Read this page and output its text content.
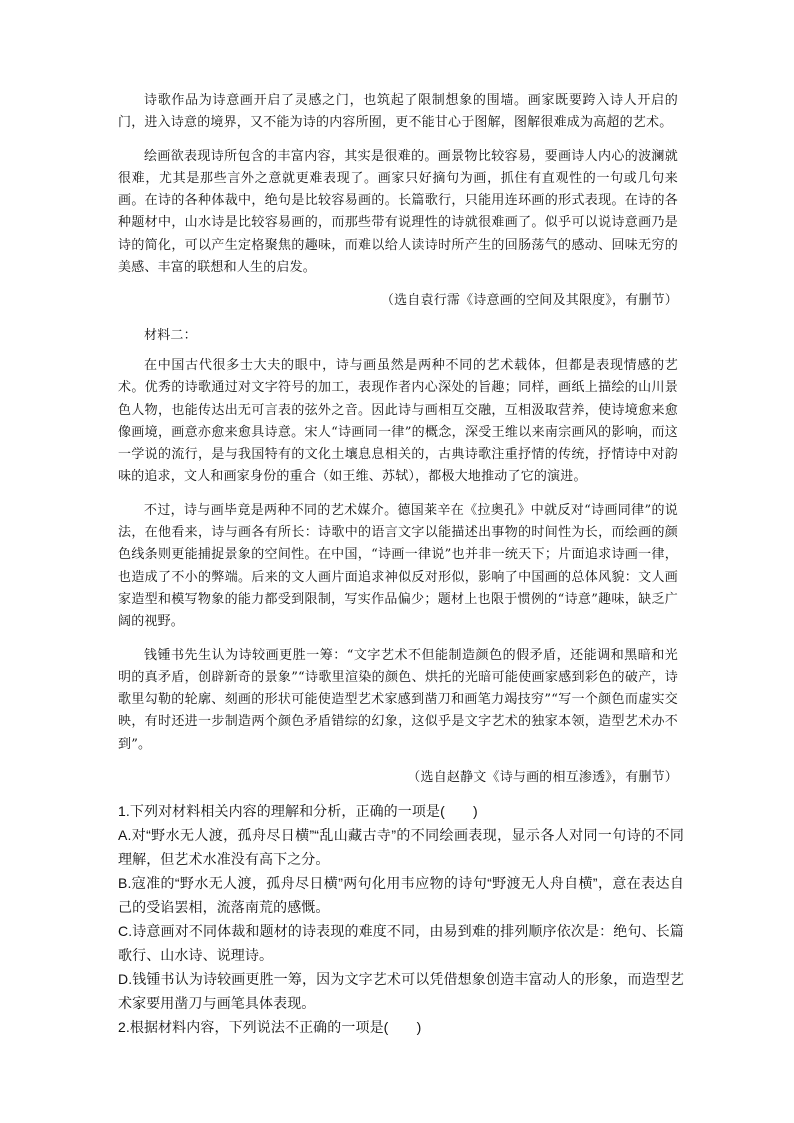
诗歌作品为诗意画开启了灵感之门，也筑起了限制想象的围墙。画家既要跨入诗人开启的门，进入诗意的境界，又不能为诗的内容所囿，更不能甘心于图解，图解很难成为高超的艺术。

绘画欲表现诗所包含的丰富内容，其实是很难的。画景物比较容易，要画诗人内心的波澜就很难，尤其是那些言外之意就更难表现了。画家只好摘句为画，抓住有直观性的一句或几句来画。在诗的各种体裁中，绝句是比较容易画的。长篇歌行，只能用连环画的形式表现。在诗的各种题材中，山水诗是比较容易画的，而那些带有说理性的诗就很难画了。似乎可以说诗意画乃是诗的简化，可以产生定格聚焦的趣味，而难以给人读诗时所产生的回肠荡气的感动、回味无穷的美感、丰富的联想和人生的启发。

（选自袁行霈《诗意画的空间及其限度》，有删节）

材料二：

在中国古代很多士大夫的眼中，诗与画虽然是两种不同的艺术载体，但都是表现情感的艺术。优秀的诗歌通过对文字符号的加工，表现作者内心深处的旨趣；同样，画纸上描绘的山川景色人物，也能传达出无可言表的弦外之音。因此诗与画相互交融，互相汲取营养，使诗境愈来愈像画境，画意亦愈来愈具诗意。宋人“诗画同一律”的概念，深受王维以来南宗画风的影响，而这一学说的流行，是与我国特有的文化土壤息息相关的，古典诗歌注重抒情的传统，抒情诗中对韵味的追求，文人和画家身份的重合（如王维、苏轼），都极大地推动了它的演进。

不过，诗与画毕竟是两种不同的艺术媒介。德国莱辛在《拉奥孔》中就反对“诗画同律”的说法，在他看来，诗与画各有所长：诗歌中的语言文字以能描述出事物的时间性为长，而绘画的颜色线条则更能捕捉景象的空间性。在中国，“诗画一律说”也并非一统天下；片面追求诗画一律，也造成了不小的弊端。后来的文人画片面追求神似反对形似，影响了中国画的总体风貌：文人画家造型和模写物象的能力都受到限制，写实作品偏少；题材上也限于惯例的“诗意”趣味，缺乏广阔的视野。

钱锺书先生认为诗较画更胜一筹：“文字艺术不但能制造颜色的假矛盾，还能调和黑暗和光明的真矛盾，创辟新奇的景象”“诗歌里渲染的颜色、烘托的光暗可能使画家感到彩色的破产，诗歌里勾勒的轮廓、刻画的形状可能使造型艺术家感到凿刀和画笔力竭技穷”“写一个颜色而虚实交映，有时还进一步制造两个颜色矛盾错综的幻象，这似乎是文字艺术的独家本领，造型艺术办不到”。

（选自赵静文《诗与画的相互渗透》，有删节）

1.下列对材料相关内容的理解和分析，正确的一项是(　　)

A.对“野水无人渡，孤舟尽日横”“乱山藏古寺”的不同绘画表现，显示各人对同一句诗的不同理解，但艺术水准没有高下之分。

B.寇准的“野水无人渡，孤舟尽日横”两句化用韦应物的诗句“野渡无人舟自横”，意在表达自己的受谄罢相，流落南荒的感慨。

C.诗意画对不同体裁和题材的诗表现的难度不同，由易到难的排列顺序依次是：绝句、长篇歌行、山水诗、说理诗。

D.钱锺书认为诗较画更胜一筹，因为文字艺术可以凭借想象创造丰富动人的形象，而造型艺术家要用凿刀与画笔具体表现。

2.根据材料内容，下列说法不正确的一项是(　　)
